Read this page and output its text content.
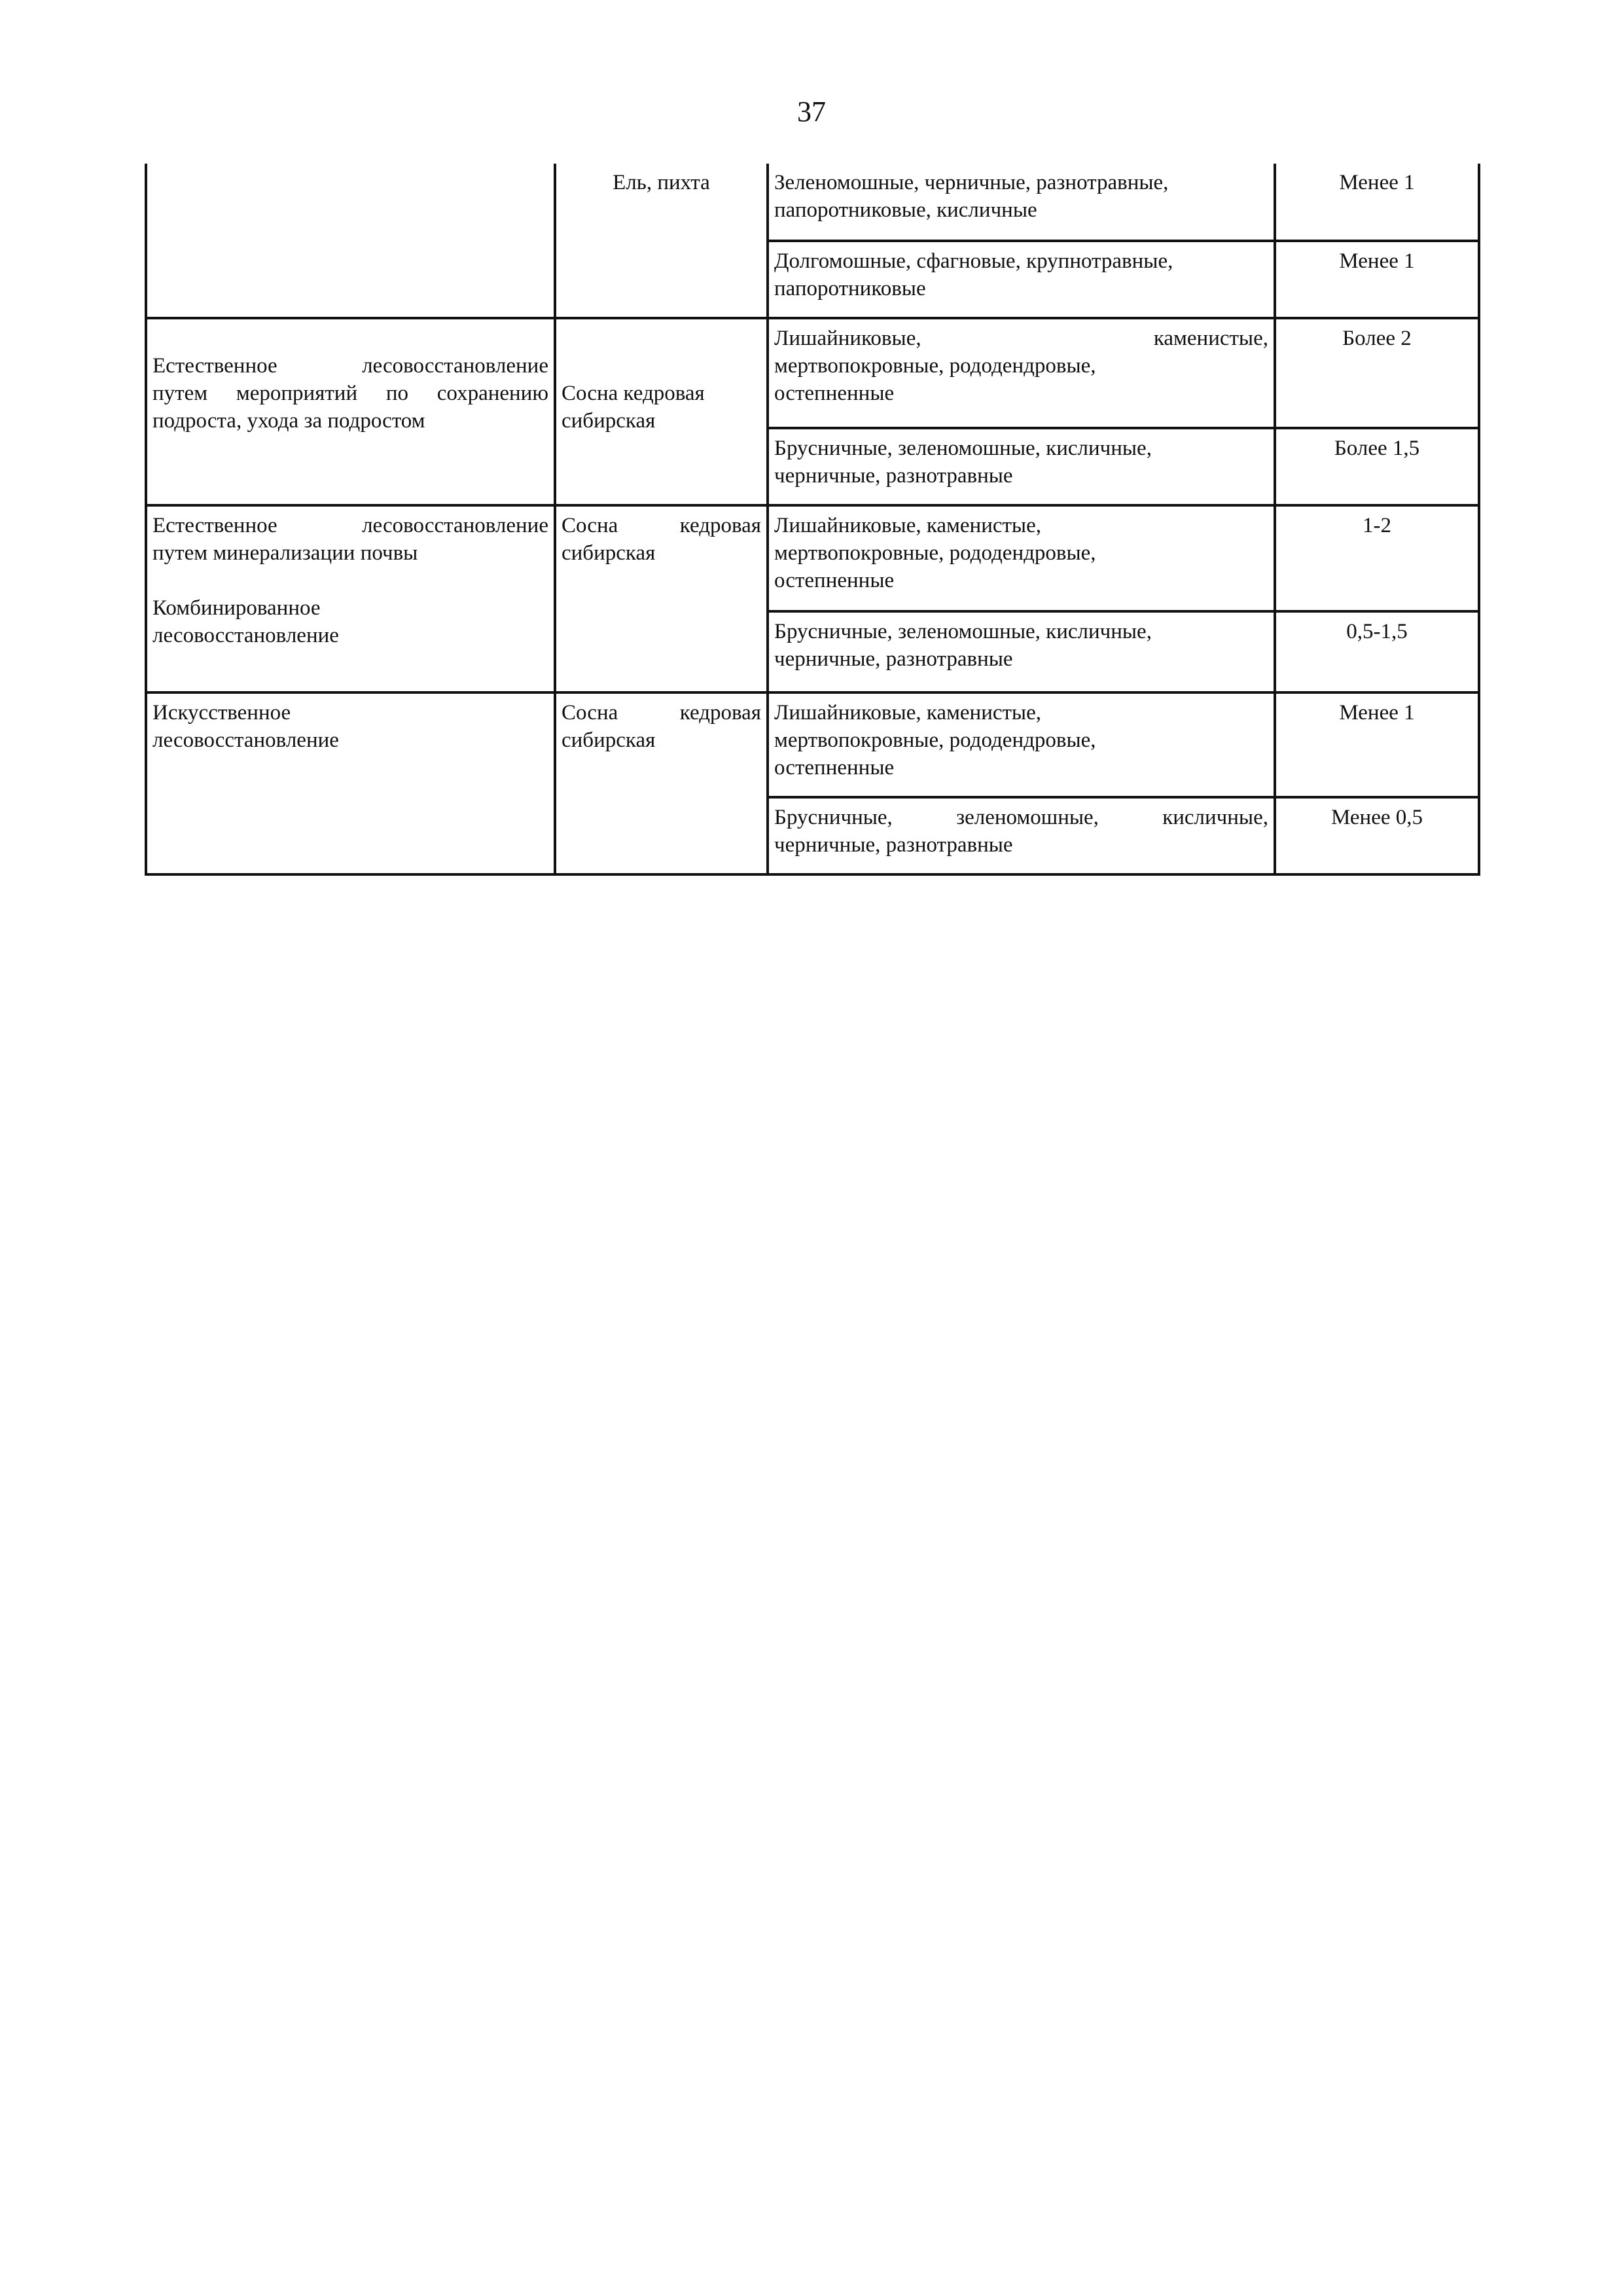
37
	Ель, пихта	Зеленомошные, черничные, разнотравные,
папоротниковые, кисличные	Менее 1

		Долгомошные, сфагновые, крупнотравные,
папоротниковые	Менее 1

Естественное лесовосстановление
путем мероприятий по сохранению
подроста, ухода за подростом	Сосна кедровая
сибирская	Лишайниковые, каменистые,
мертвопокровные, рододендровые,
остепненные	Более 2

		Брусничные, зеленомошные, кисличные,
черничные, разнотравные	Более 1,5

Естественное лесовосстановление
путем минерализации почвы
Комбинированное
лесовосстановление	Сосна кедровая
сибирская	Лишайниковые, каменистые,
мертвопокровные, рододендровые,
остепненные	1-2

		Брусничные, зеленомошные, кисличные,
черничные, разнотравные	0,5-1,5

Искусственное
лесовосстановление	Сосна кедровая
сибирская	Лишайниковые, каменистые,
мертвопокровные, рододендровые,
остепненные	Менее 1

		Брусничные, зеленомошные, кисличные,
черничные, разнотравные	Менее 0,5
